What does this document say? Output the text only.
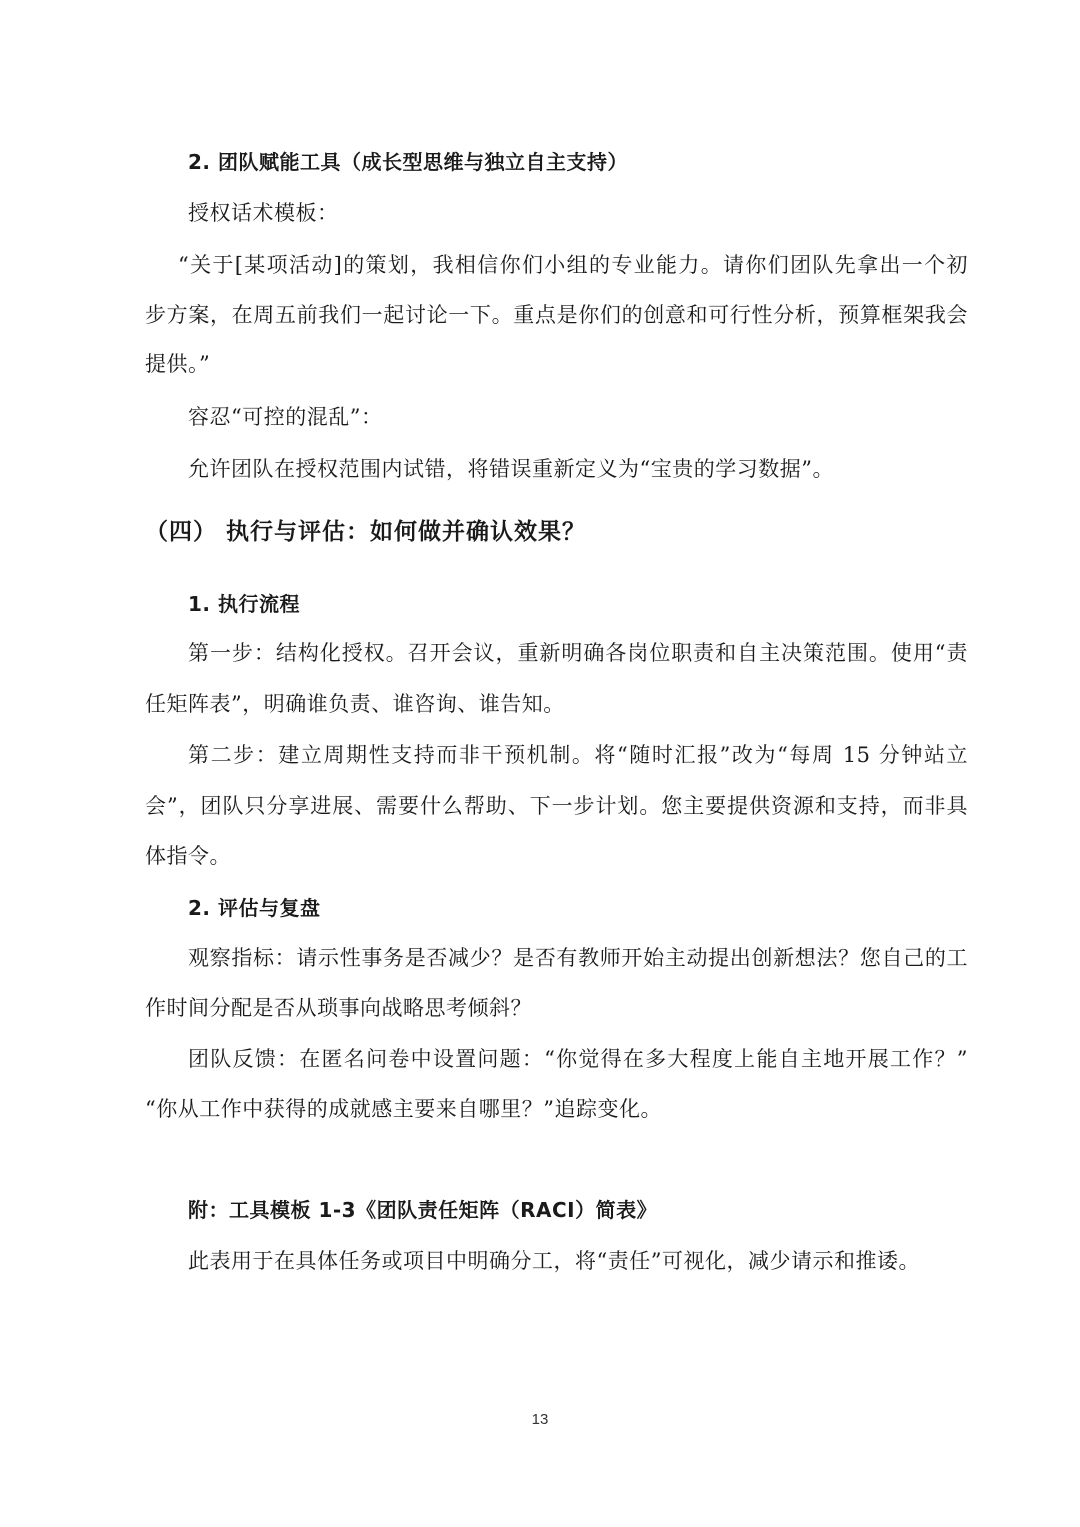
2. 团队赋能工具（成长型思维与独立自主支持）
授权话术模板：
“关于[某项活动]的策划，我相信你们小组的专业能力。请你们团队先拿出一个初
步方案，在周五前我们一起讨论一下。重点是你们的创意和可行性分析，预算框架我会
提供。”
容忍“可控的混乱”：
允许团队在授权范围内试错，将错误重新定义为“宝贵的学习数据”。
（四） 执行与评估：如何做并确认效果？
1. 执行流程
第一步：结构化授权。召开会议，重新明确各岗位职责和自主决策范围。使用“责
任矩阵表”，明确谁负责、谁咨询、谁告知。
第二步：建立周期性支持而非干预机制。将“随时汇报”改为“每周 15 分钟站立
会”，团队只分享进展、需要什么帮助、下一步计划。您主要提供资源和支持，而非具
体指令。
2. 评估与复盘
观察指标：请示性事务是否减少？是否有教师开始主动提出创新想法？您自己的工
作时间分配是否从琐事向战略思考倾斜？
团队反馈：在匿名问卷中设置问题：“你觉得在多大程度上能自主地开展工作？”
“你从工作中获得的成就感主要来自哪里？”追踪变化。
附：工具模板 1-3《团队责任矩阵（RACI）简表》
此表用于在具体任务或项目中明确分工，将“责任”可视化，减少请示和推诿。
13
